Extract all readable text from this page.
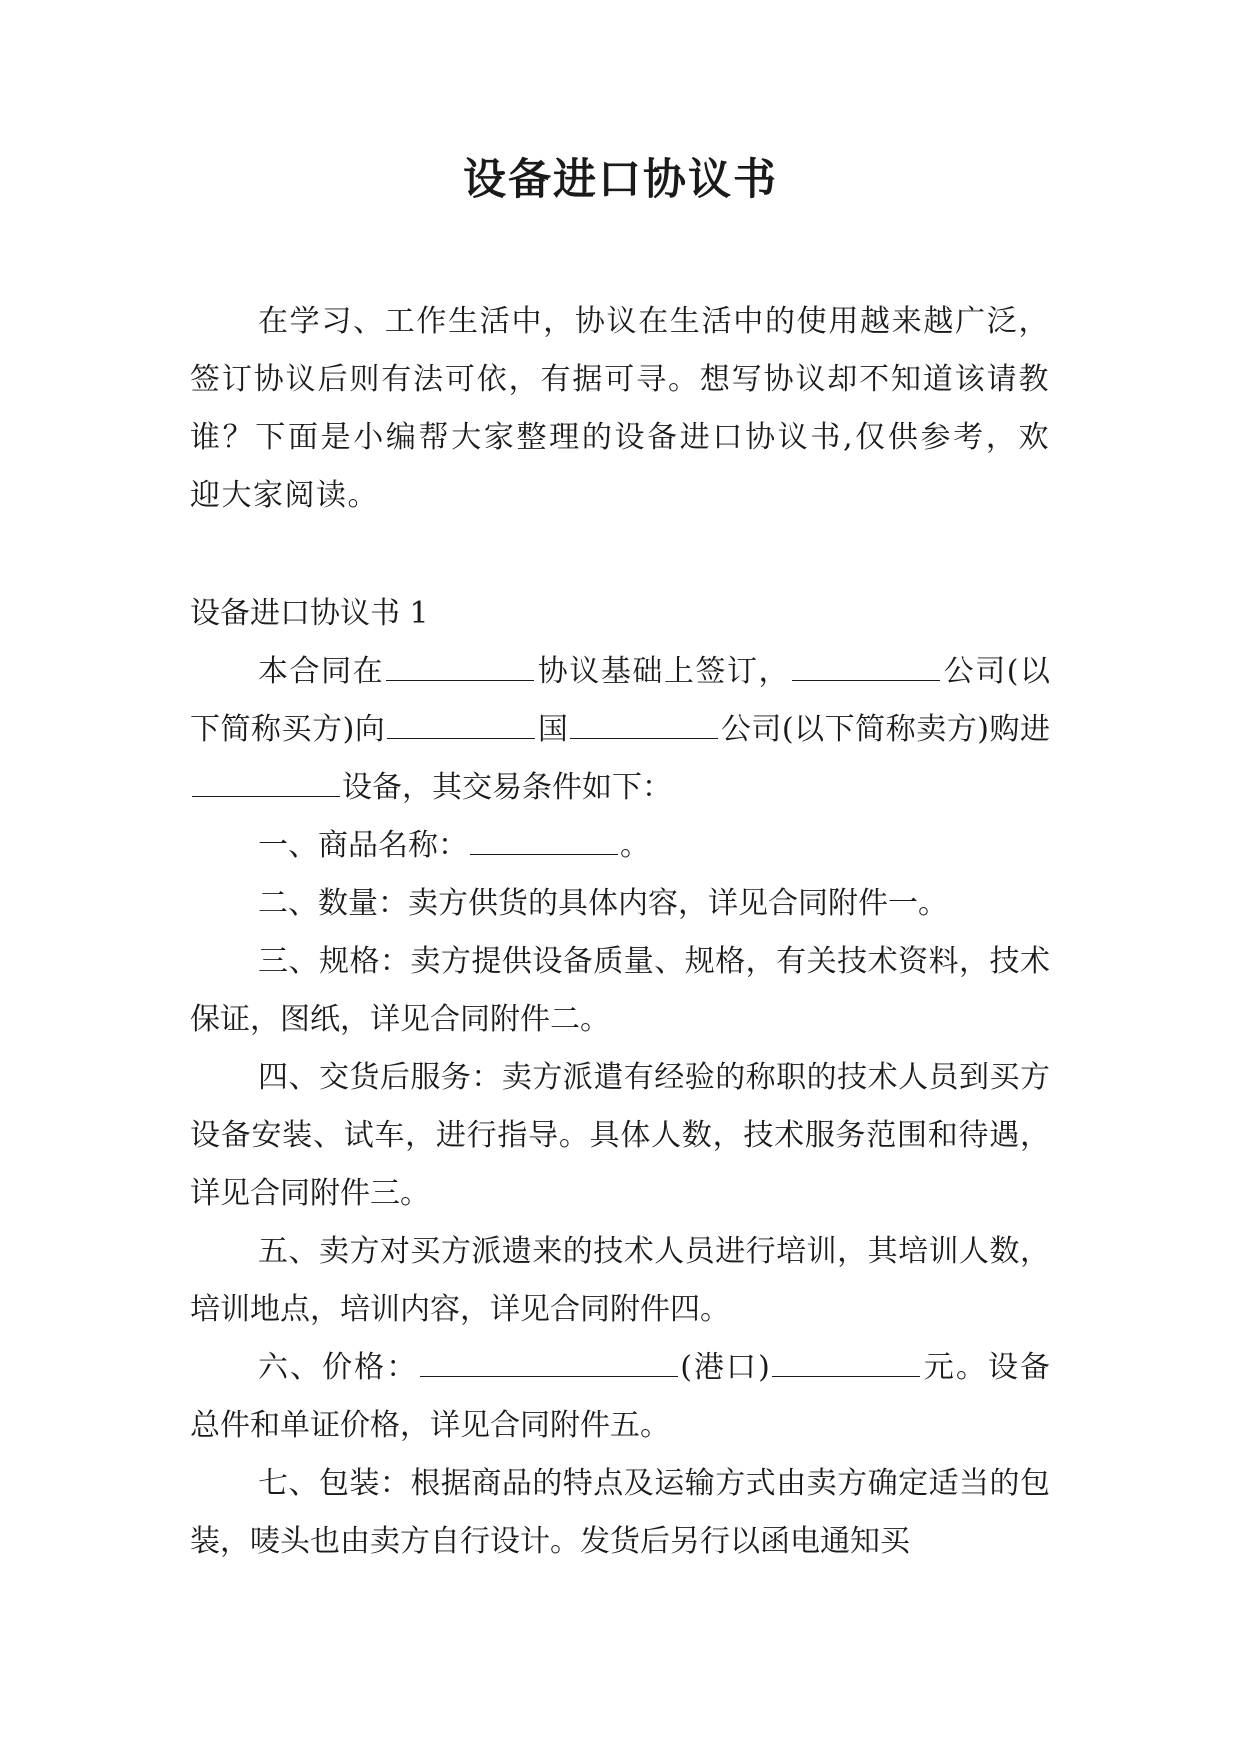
设备进口协议书

在学习、工作生活中，协议在生活中的使用越来越广泛，签订协议后则有法可依，有据可寻。想写协议却不知道该请教谁？下面是小编帮大家整理的设备进口协议书,仅供参考，欢迎大家阅读。

设备进口协议书 1

本合同在	协议基础上签订，	公司(以下简称买方)向	国	公司(以下简称卖方)购进设备，其交易条件如下：

一、商品名称：	。

二、数量：卖方供货的具体内容，详见合同附件一。

三、规格：卖方提供设备质量、规格，有关技术资料，技术保证，图纸，详见合同附件二。

四、交货后服务：卖方派遣有经验的称职的技术人员到买方设备安装、试车，进行指导。具体人数，技术服务范围和待遇，详见合同附件三。

五、卖方对买方派遗来的技术人员进行培训，其培训人数，培训地点，培训内容，详见合同附件四。

六、价格：	(港口)	元。设备总件和单证价格，详见合同附件五。

七、包装：根据商品的特点及运输方式由卖方确定适当的包装，唛头也由卖方自行设计。发货后另行以函电通知买
